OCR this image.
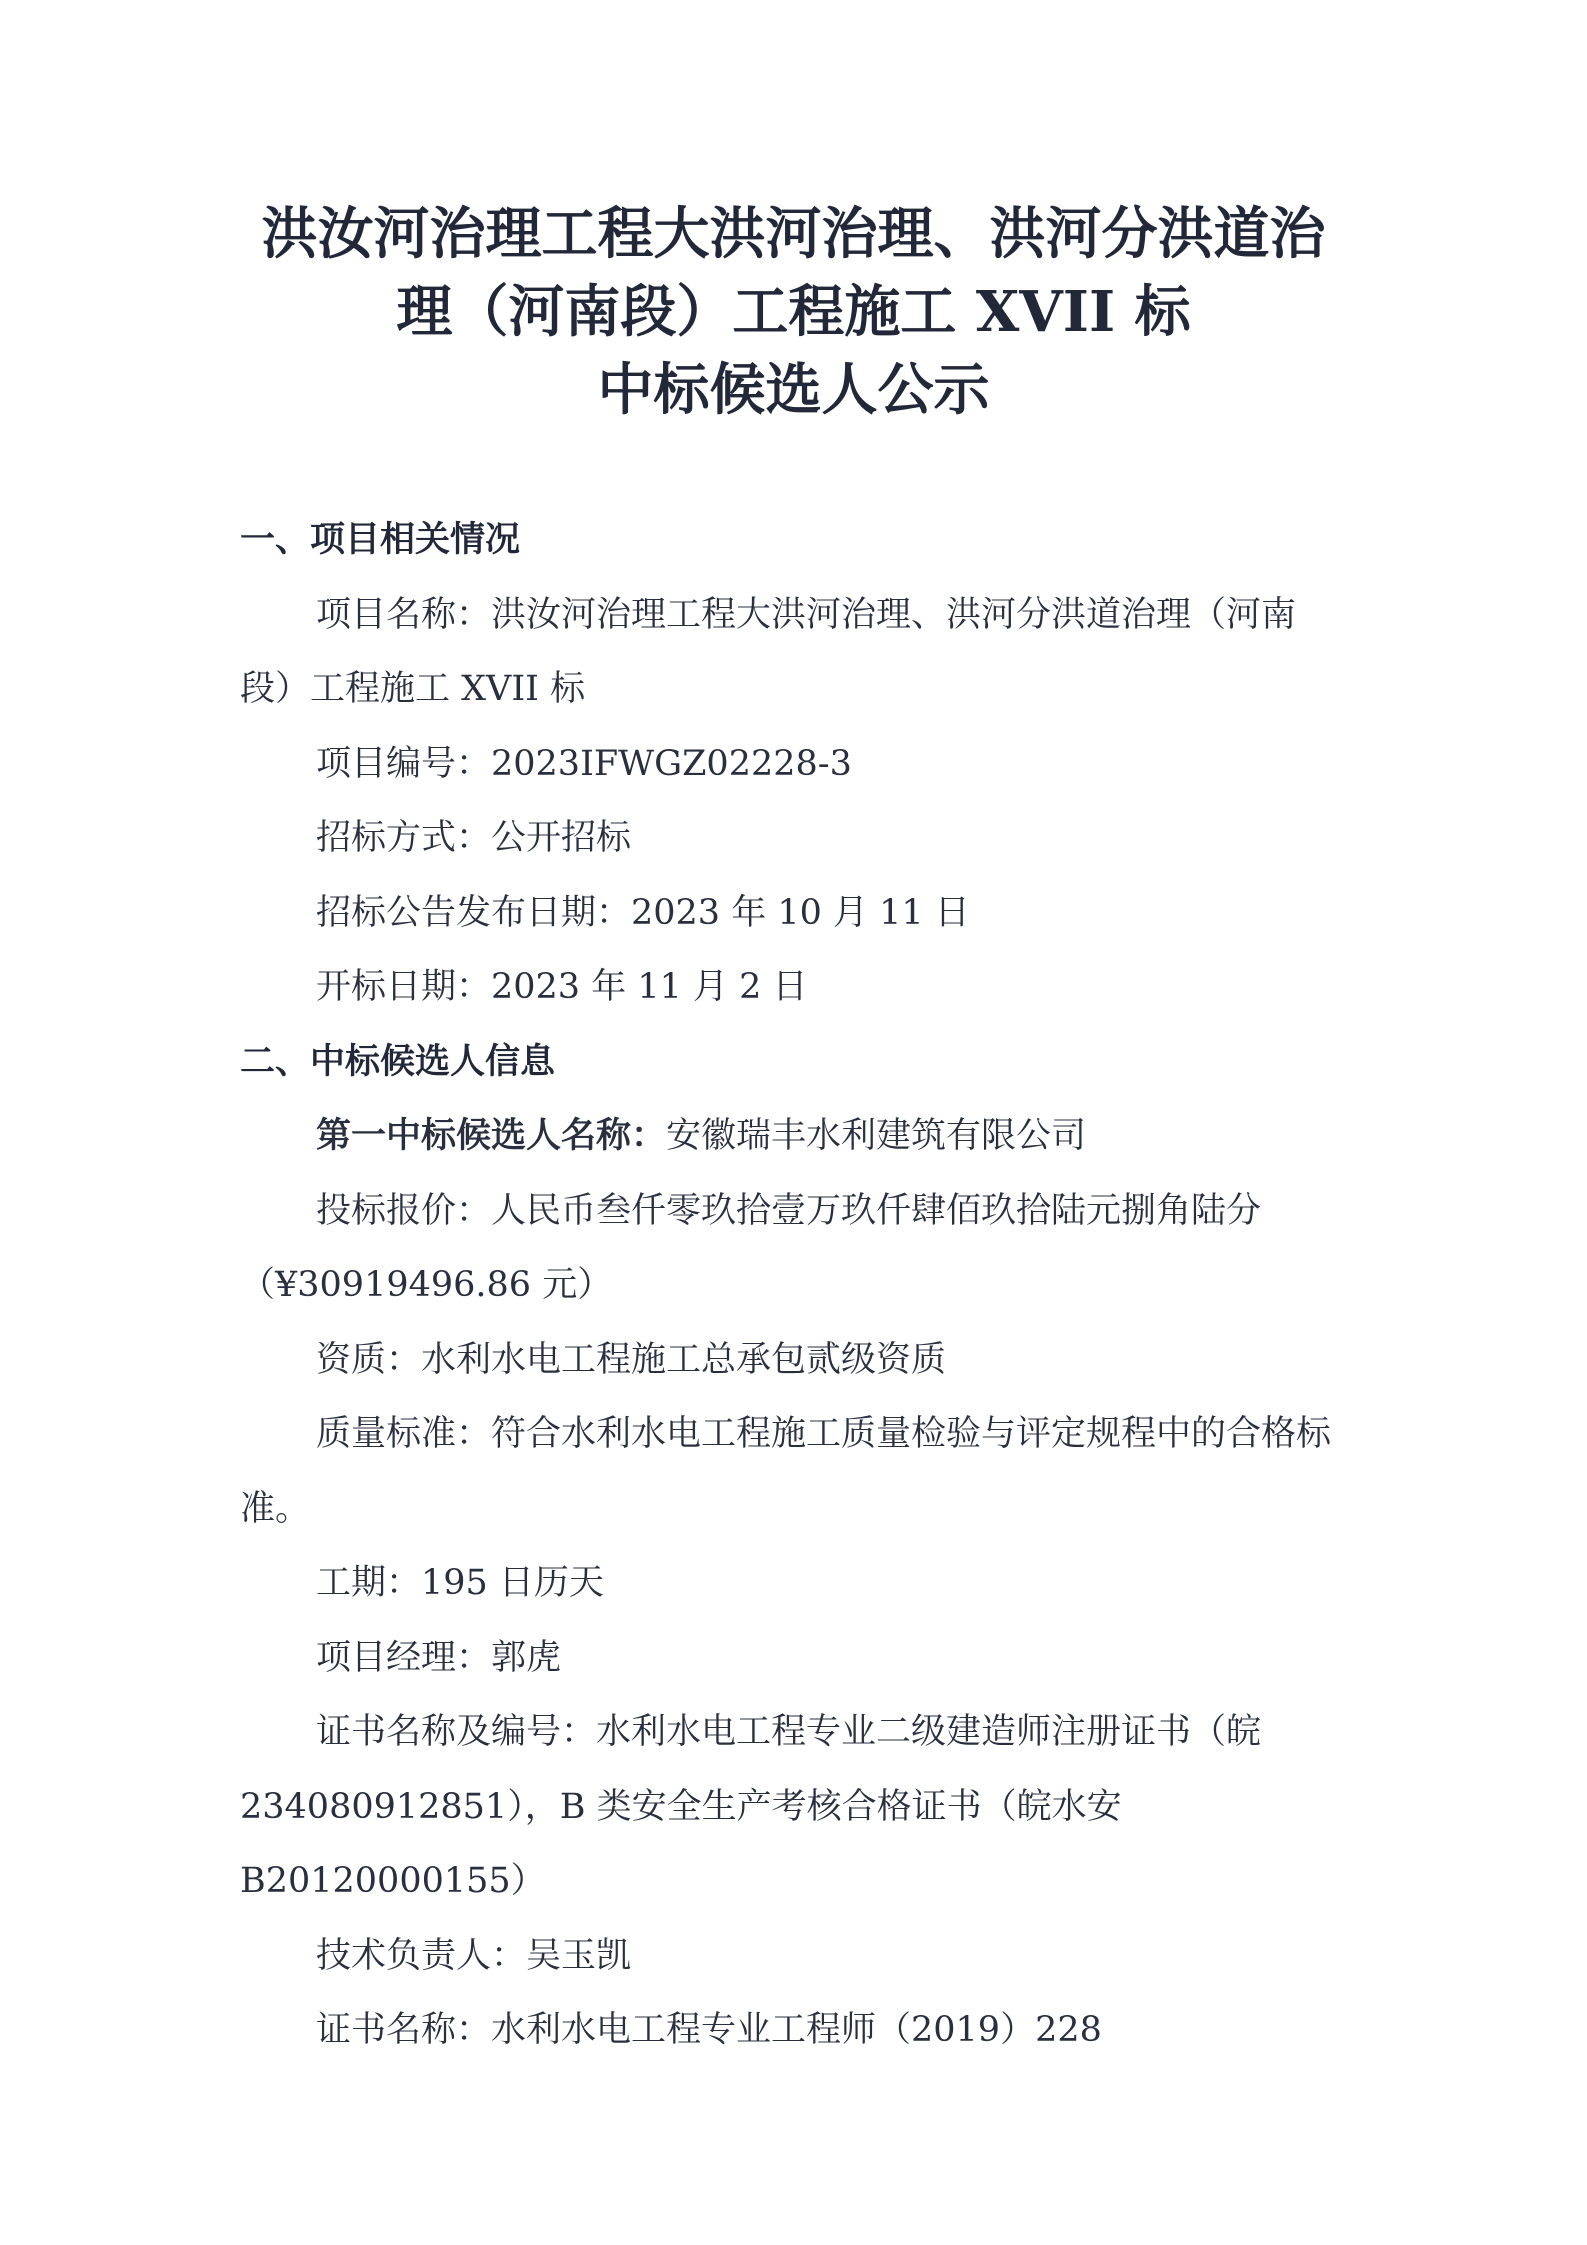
洪汝河治理工程大洪河治理、洪河分洪道治
理（河南段）工程施工 XVII 标
中标候选人公示
一、项目相关情况
项目名称：洪汝河治理工程大洪河治理、洪河分洪道治理（河南段）工程施工 XVII 标
项目编号：2023IFWGZ02228-3
招标方式：公开招标
招标公告发布日期：2023 年 10 月 11 日
开标日期：2023 年 11 月 2 日
二、中标候选人信息
第一中标候选人名称：安徽瑞丰水利建筑有限公司
投标报价：人民币叁仟零玖拾壹万玖仟肆佰玖拾陆元捌角陆分（¥30919496.86 元）
资质：水利水电工程施工总承包贰级资质
质量标准：符合水利水电工程施工质量检验与评定规程中的合格标准。
工期：195 日历天
项目经理：郭虎
证书名称及编号：水利水电工程专业二级建造师注册证书（皖234080912851），B 类安全生产考核合格证书（皖水安 B20120000155）
技术负责人：吴玉凯
证书名称：水利水电工程专业工程师（2019）228
